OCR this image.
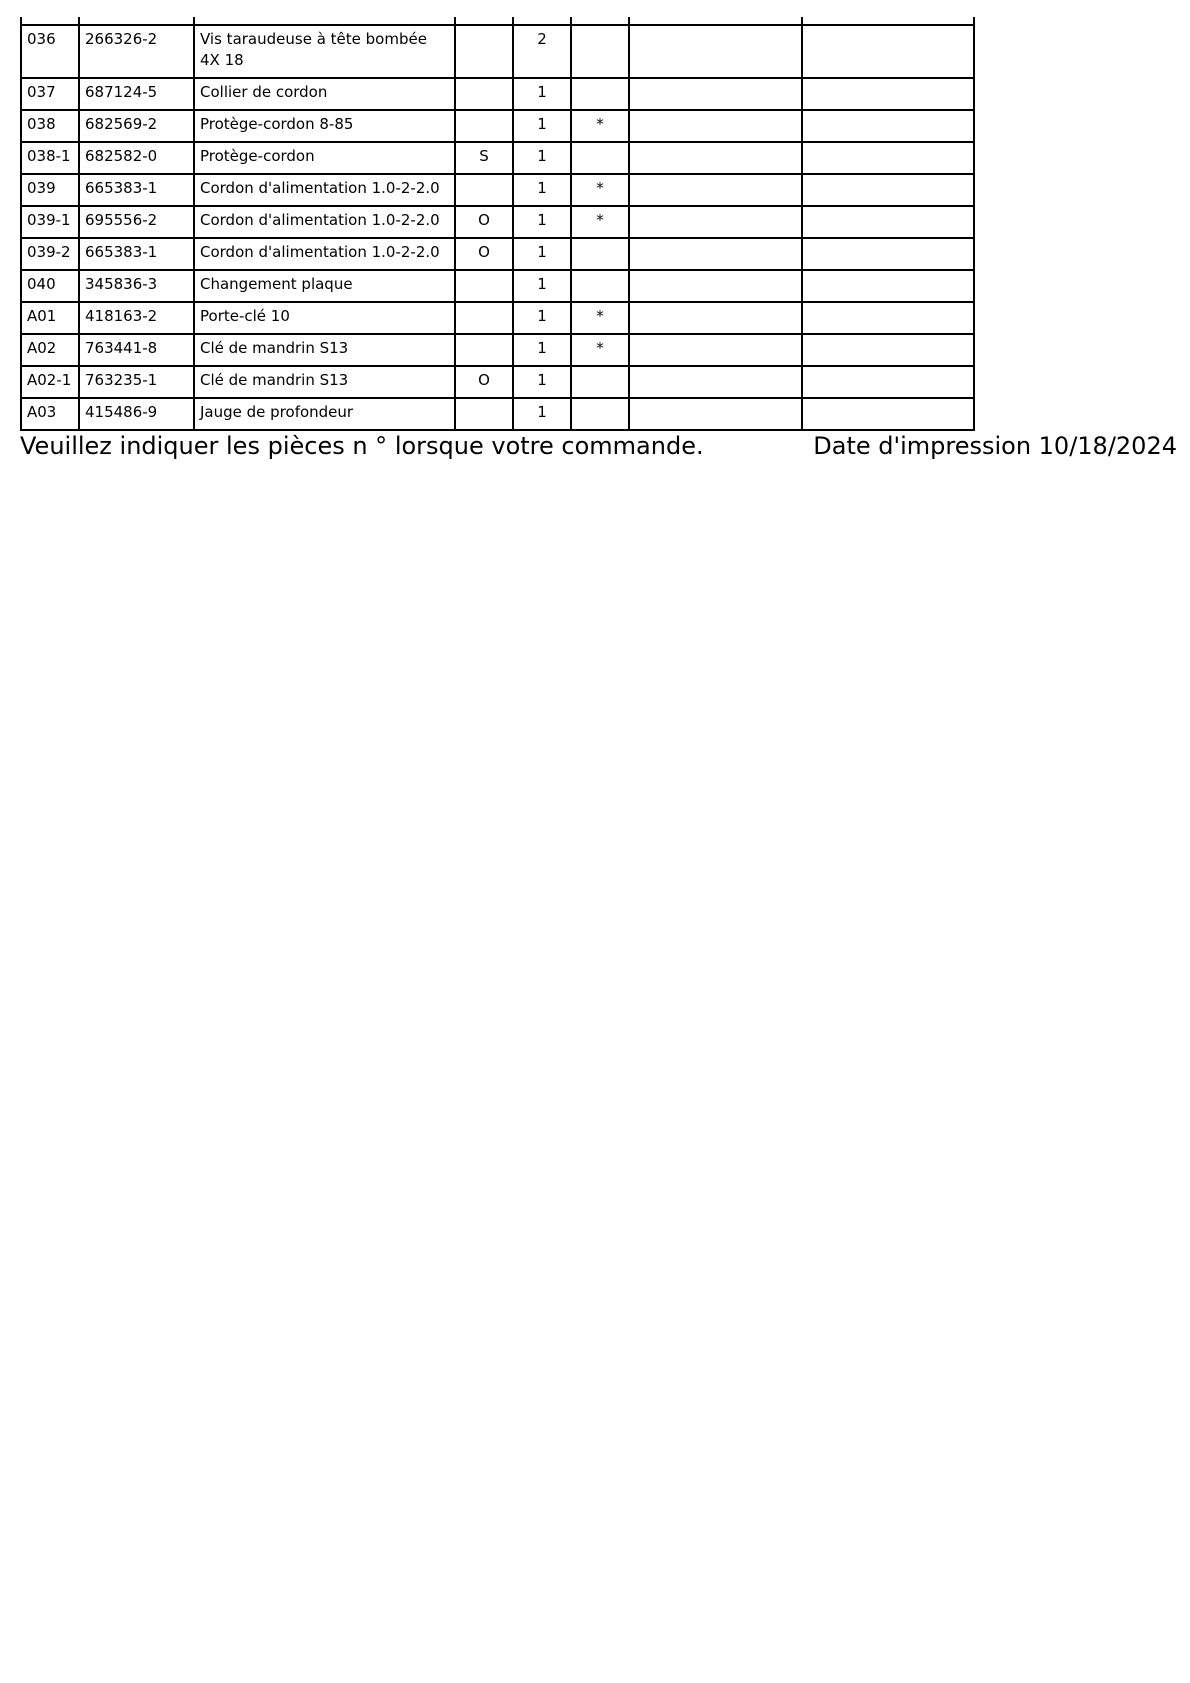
036	266326-2	Vis taraudeuse à tête bombée 4X 18		2			
037	687124-5	Collier de cordon		1			
038	682569-2	Protège-cordon 8-85		1	*		
038-1	682582-0	Protège-cordon	S	1			
039	665383-1	Cordon d'alimentation 1.0-2-2.0		1	*		
039-1	695556-2	Cordon d'alimentation 1.0-2-2.0	O	1	*		
039-2	665383-1	Cordon d'alimentation 1.0-2-2.0	O	1			
040	345836-3	Changement plaque		1			
A01	418163-2	Porte-clé 10		1	*		
A02	763441-8	Clé de mandrin S13		1	*		
A02-1	763235-1	Clé de mandrin S13	O	1			
A03	415486-9	Jauge de profondeur		1			
Veuillez indiquer les pièces n ° lorsque votre commande.	Date d'impression 10/18/2024
